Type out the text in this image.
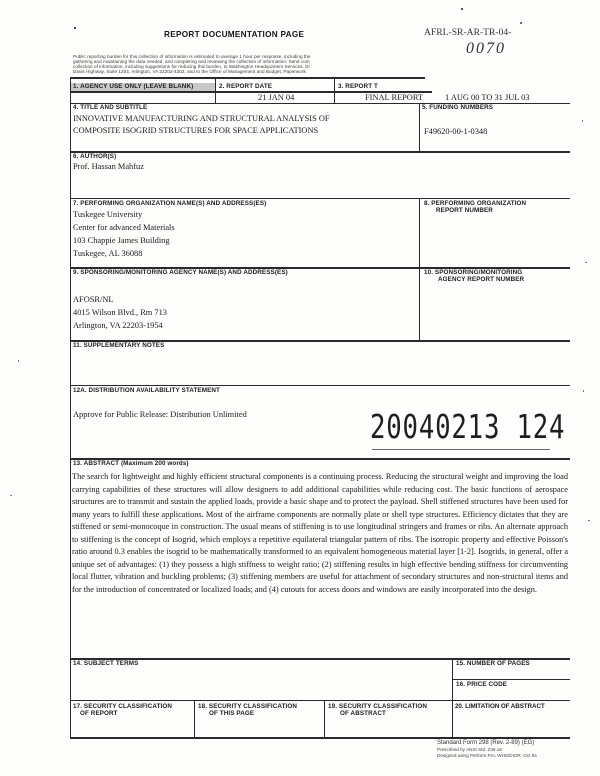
REPORT DOCUMENTATION PAGE	AFRL-SR-AR-TR-04-
0070
Public reporting burden for this collection of information is estimated to average 1 hour per response, including the
gathering and maintaining the data needed, and completing and reviewing the collection of information. Send com
collection of information, including suggestions for reducing this burden, to Washington Headquarters Services. Di
Davis Highway, Suite 1204, Arlington, VA 22202-4302, and to the Office of Management and Budget, Paperwork
1. AGENCY USE ONLY (LEAVE BLANK)	2. REPORT DATE	3. REPORT T
21 JAN 04	FINAL REPORT	1 AUG 00 TO 31 JUL 03
4. TITLE AND SUBTITLE
INNOVATIVE MANUFACTURING AND STRUCTURAL ANALYSIS OF
COMPOSITE ISOGRID STRUCTURES FOR SPACE APPLICATIONS
5. FUNDING NUMBERS
F49620-00-1-0348
6. AUTHOR(S)
Prof. Hassan Mahfuz
7. PERFORMING ORGANIZATION NAME(S) AND ADDRESS(ES)
Tuskegee University
Center for advanced Materials
103 Chappie James Building
Tuskegee, AL 36088
8. PERFORMING ORGANIZATION
REPORT NUMBER
9. SPONSORING/MONITORING AGENCY NAME(S) AND ADDRESS(ES)
AFOSR/NL
4015 Wilson Blvd., Rm 713
Arlington, VA 22203-1954
10. SPONSORING/MONITORING
AGENCY REPORT NUMBER
11. SUPPLEMENTARY NOTES
12A. DISTRIBUTION AVAILABILITY STATEMENT
Approve for Public Release: Distribution Unlimited	20040213 124
13. ABSTRACT (Maximum 200 words)
The search for lightweight and highly efficient structural components is a continuing process. Reducing the structural weight and improving the load carrying capabilities of these structures will allow designers to add additional capabilities while reducing cost. The basic functions of aerospace structures are to transmit and sustain the applied loads, provide a basic shape and to protect the payload. Shell stiffened structures have been used for many years to fulfill these applications. Most of the airframe components are normally plate or shell type structures. Efficiency dictates that they are stiffened or semi-monocoque in construction. The usual means of stiffening is to use longitudinal stringers and frames or ribs. An alternate approach to stiffening is the concept of Isogrid, which employs a repetitive equilateral triangular pattern of ribs. The isotropic property and effective Poisson's ratio around 0.3 enables the isogrid to be mathematically transformed to an equivalent homogeneous material layer [1-2]. Isogrids, in general, offer a unique set of advantages: (1) they possess a high stiffness to weight ratio; (2) stiffening results in high effective bending stiffness for circumventing local flutter, vibration and buckling problems; (3) stiffening members are useful for attachment of secondary structures and non-structural items and for the introduction of concentrated or localized loads; and (4) cutouts for access doors and windows are easily incorporated into the design.
14. SUBJECT TERMS	15. NUMBER OF PAGES
16. PRICE CODE
17. SECURITY CLASSIFICATION
OF REPORT
18. SECURITY CLASSIFICATION
OF THIS PAGE
19. SECURITY CLASSIFICATION
OF ABSTRACT
20. LIMITATION OF ABSTRACT
Standard Form 298 (Rev. 2-89) (EG)
Prescribed by ANSI Std. Z39.18
Designed using Perform Pro, WHS/DIOR, Oct 94
